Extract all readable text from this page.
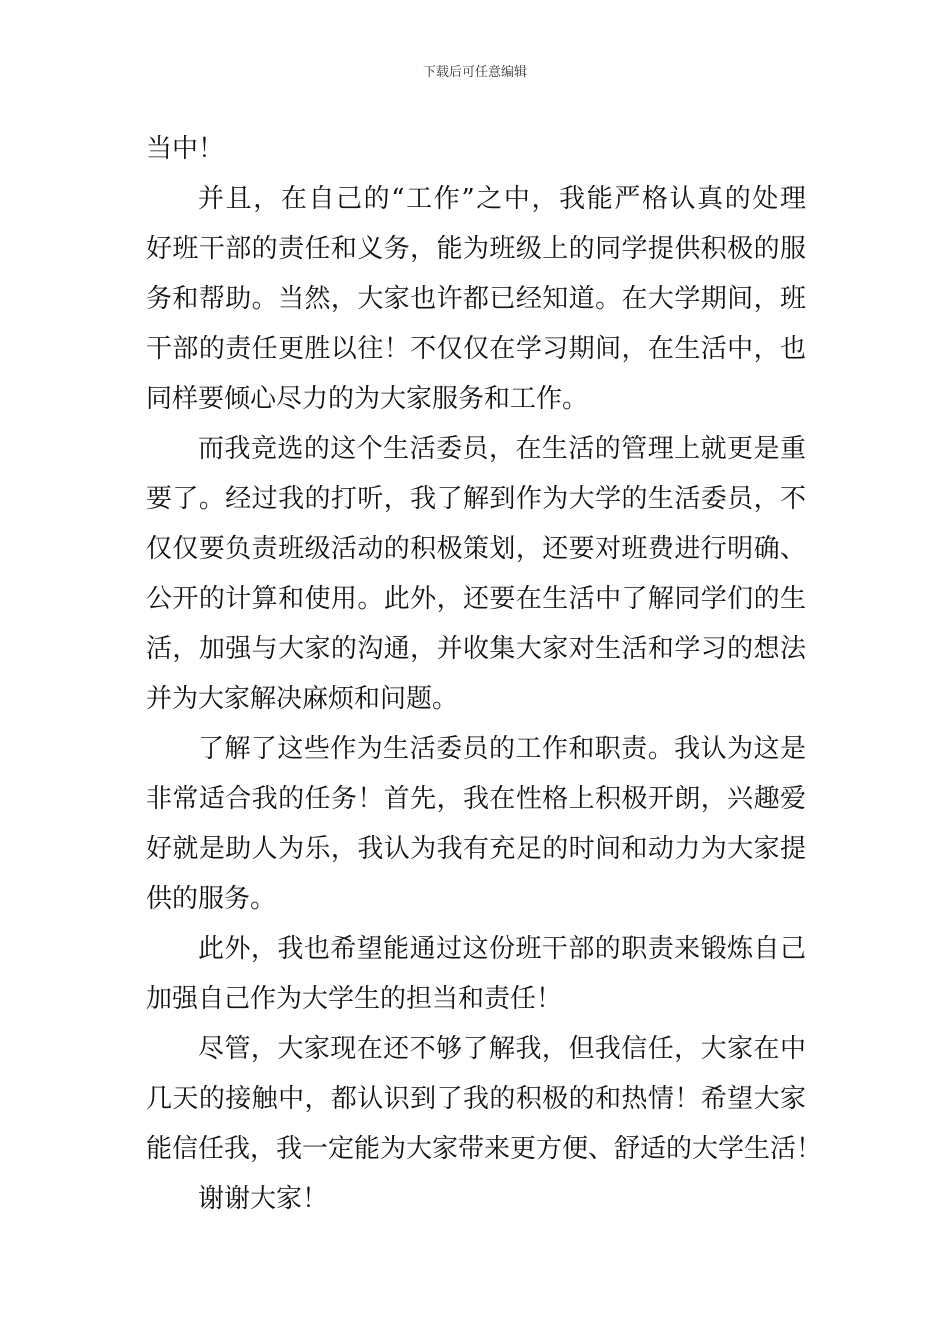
下载后可任意编辑
当中！
并且，在自己的“工作”之中，我能严格认真的处理
好班干部的责任和义务，能为班级上的同学提供积极的服
务和帮助。当然，大家也许都已经知道。在大学期间，班
干部的责任更胜以往！不仅仅在学习期间，在生活中，也
同样要倾心尽力的为大家服务和工作。
而我竞选的这个生活委员，在生活的管理上就更是重
要了。经过我的打听，我了解到作为大学的生活委员，不
仅仅要负责班级活动的积极策划，还要对班费进行明确、
公开的计算和使用。此外，还要在生活中了解同学们的生
活，加强与大家的沟通，并收集大家对生活和学习的想法
并为大家解决麻烦和问题。
了解了这些作为生活委员的工作和职责。我认为这是
非常适合我的任务！首先，我在性格上积极开朗，兴趣爱
好就是助人为乐，我认为我有充足的时间和动力为大家提
供的服务。
此外，我也希望能通过这份班干部的职责来锻炼自己
加强自己作为大学生的担当和责任！
尽管，大家现在还不够了解我，但我信任，大家在中
几天的接触中，都认识到了我的积极的和热情！希望大家
能信任我，我一定能为大家带来更方便、舒适的大学生活！
谢谢大家！
